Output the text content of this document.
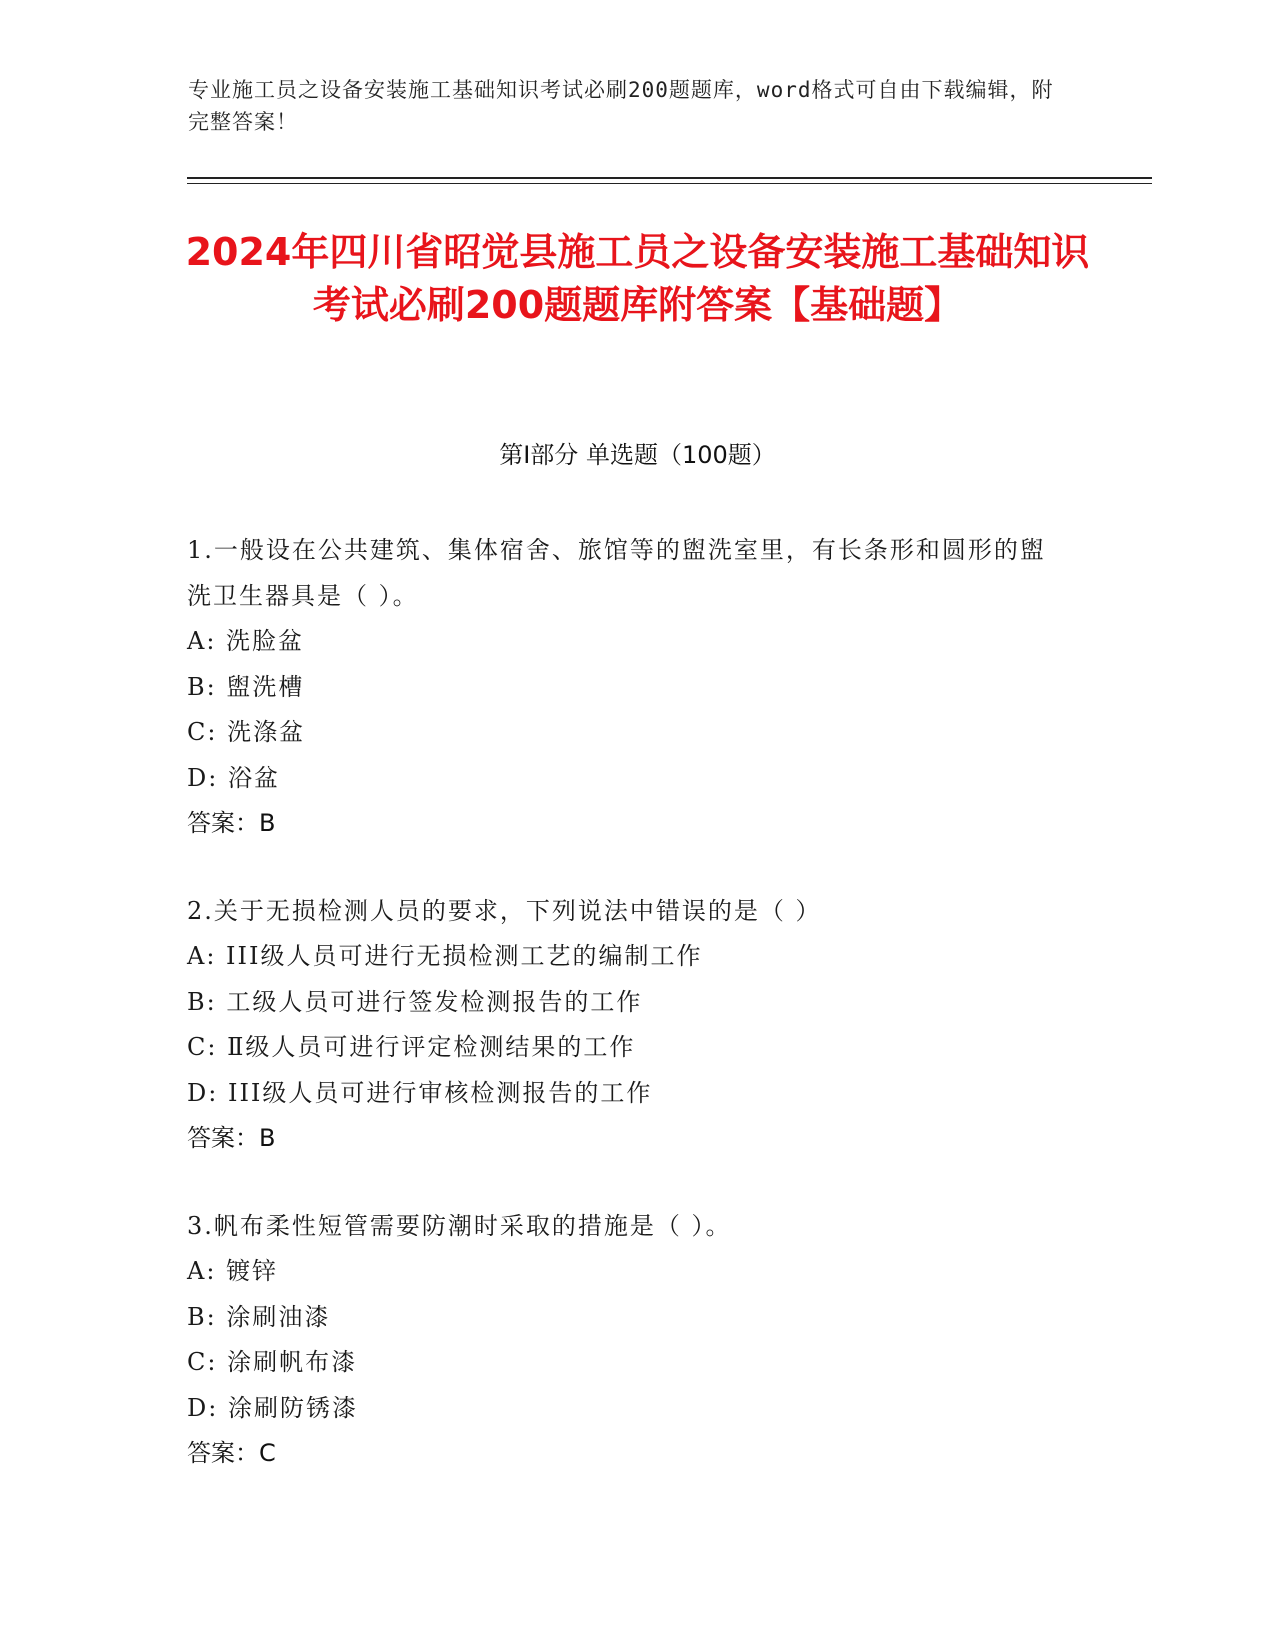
专业施工员之设备安装施工基础知识考试必刷200题题库，word格式可自由下载编辑，附完整答案！
2024年四川省昭觉县施工员之设备安装施工基础知识考试必刷200题题库附答案【基础题】
第Ⅰ部分 单选题（100题）
1.一般设在公共建筑、集体宿舍、旅馆等的盥洗室里，有长条形和圆形的盥洗卫生器具是（ ）。
A: 洗脸盆
B: 盥洗槽
C: 洗涤盆
D: 浴盆
答案：B
2.关于无损检测人员的要求，下列说法中错误的是（ ）
A: III级人员可进行无损检测工艺的编制工作
B: 工级人员可进行签发检测报告的工作
C: Ⅱ级人员可进行评定检测结果的工作
D: III级人员可进行审核检测报告的工作
答案：B
3.帆布柔性短管需要防潮时采取的措施是（ ）。
A: 镀锌
B: 涂刷油漆
C: 涂刷帆布漆
D: 涂刷防锈漆
答案：C
